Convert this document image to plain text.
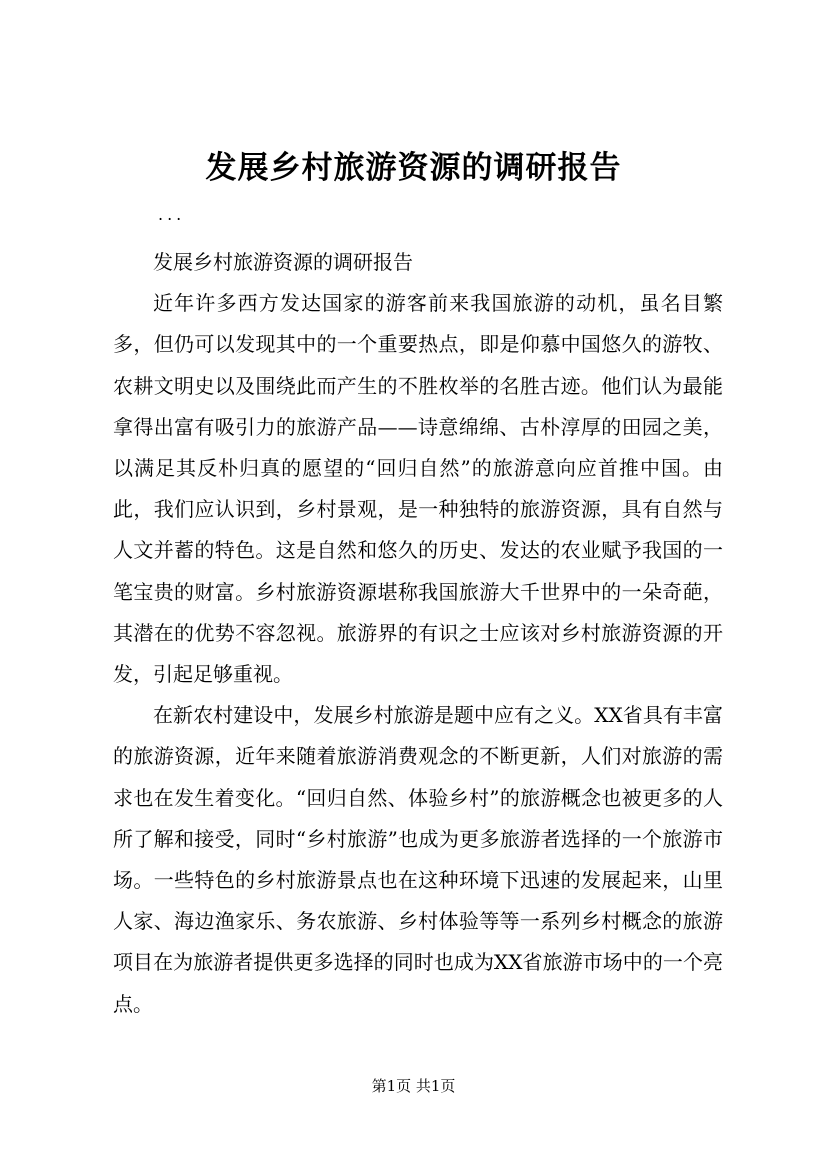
发展乡村旅游资源的调研报告
...

发展乡村旅游资源的调研报告

近年许多西方发达国家的游客前来我国旅游的动机，虽名目繁多，但仍可以发现其中的一个重要热点，即是仰慕中国悠久的游牧、农耕文明史以及围绕此而产生的不胜枚举的名胜古迹。他们认为最能拿得出富有吸引力的旅游产品——诗意绵绵、古朴淳厚的田园之美，以满足其反朴归真的愿望的“回归自然”的旅游意向应首推中国。由此，我们应认识到，乡村景观，是一种独特的旅游资源，具有自然与人文并蓄的特色。这是自然和悠久的历史、发达的农业赋予我国的一笔宝贵的财富。乡村旅游资源堪称我国旅游大千世界中的一朵奇葩，其潜在的优势不容忽视。旅游界的有识之士应该对乡村旅游资源的开发，引起足够重视。

在新农村建设中，发展乡村旅游是题中应有之义。XX省具有丰富的旅游资源，近年来随着旅游消费观念的不断更新，人们对旅游的需求也在发生着变化。“回归自然、体验乡村”的旅游概念也被更多的人所了解和接受，同时“乡村旅游”也成为更多旅游者选择的一个旅游市场。一些特色的乡村旅游景点也在这种环境下迅速的发展起来，山里人家、海边渔家乐、务农旅游、乡村体验等等一系列乡村概念的旅游项目在为旅游者提供更多选择的同时也成为XX省旅游市场中的一个亮点。

第1页 共1页
